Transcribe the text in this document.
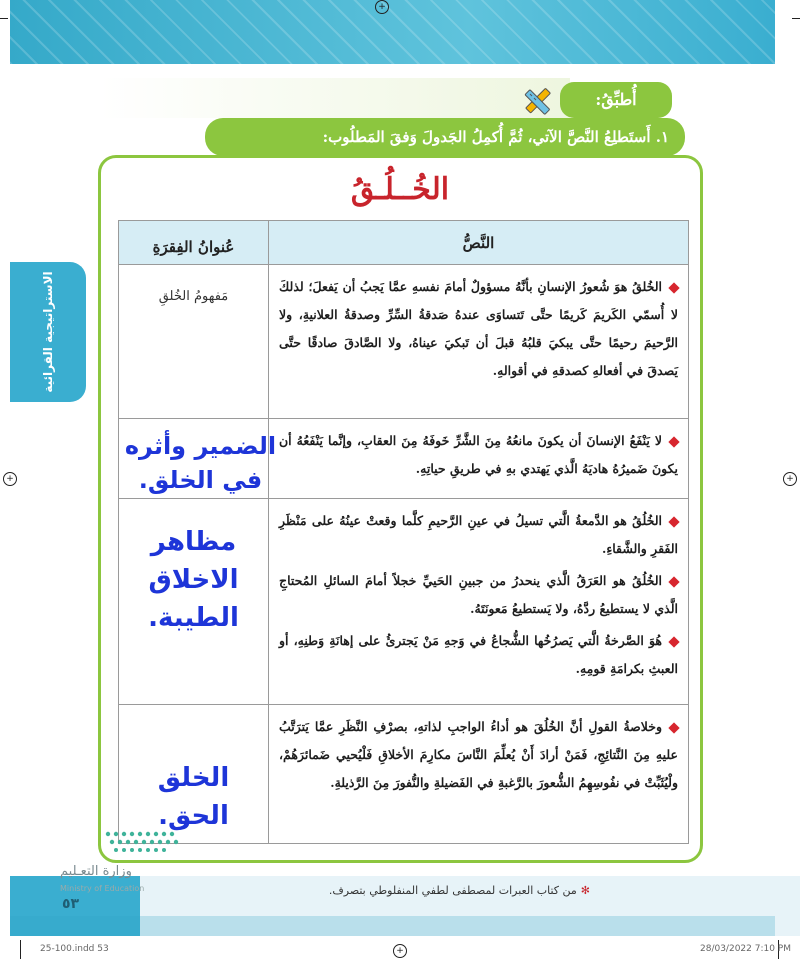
+
+	+
+
أُطبِّقُ:
١. أَستَطلِعُ النَّصَّ الآتي، ثُمَّ أُكمِلُ الجَدولَ وَفقَ المَطلُوب:
الاستراتيجية القرائية
الخُــلُـقُ
النَّصُّ	عُنوانُ الفِقرَةِ

الخُلقُ هوَ شُعورُ الإنسانِ بأنَّهُ مسؤولٌ أمامَ نفسهِ عمَّا يَجبُ أن يَفعلَ؛ لذلكَ لا أُسمّي الكَريمَ كَريمًا حتَّى تَتساوَى عندهُ صَدقةُ السِّرِّ وصدقةُ العلانيةِ، ولا الرَّحيمَ رحيمًا حتَّى يبكيَ قلبُهُ قبلَ أن تَبكيَ عيناهُ، ولا الصَّادقَ صادقًا حتَّى يَصدقَ في أفعالهِ كصدقهِ في أقوالهِ.	مَفهومُ الخُلقِ

لا يَنْفَعُ الإنسانَ أن يكونَ مانعُهُ مِنَ الشَّرِّ خَوفَهُ مِنَ العقابِ، وإنَّما يَنْفَعُهُ أن يكونَ ضَميرُهُ هاديَهُ الَّذي يَهتدي بهِ في طريقِ حياتِهِ.	الضمير وأثره في الخلق.

الخُلُقُ هو الدَّمعةُ الَّتي تسيلُ في عينِ الرَّحيمِ كلَّما وقعتْ عينُهُ على مَنْظَرِ الفَقرِ والشَّقاءِ.

الخُلُقُ هو العَرَقُ الَّذي ينحدرُ من جبينِ الحَييِّ خجلاً أمامَ السائلِ المُحتاجِ الَّذي لا يستطيعُ ردَّهُ، ولا يَستطيعُ مَعونَتَهُ.

هُوَ الصَّرخةُ الَّتي يَصرُخُها الشُّجاعُ في وَجهِ مَنْ يَجترئُ على إهانَةِ وَطنِهِ، أو العبثِ بكرامَةِ قومِهِ.	مظاهر الاخلاق الطيبة.

وخلاصةُ القولِ أنَّ الخُلُقَ هو أداءُ الواجبِ لذاتهِ، بصرْفِ النَّظَرِ عمَّا يَترَتَّبُ عليهِ مِنَ النَّتائِجِ، فَمَنْ أرادَ أَنْ يُعلِّمَ النَّاسَ مكارِمَ الأخلاقِ فَلْيُحيي ضَمائرَهُمْ، ولْيُثَبِّتْ في نفُوسِهِمُ الشُّعورَ بالرَّغبةِ في الفَضيلةِ والنُّفورَ مِنَ الرَّذيلةِ.	الخلق الحق.
وزارة التعـليم
Ministry of Education
٥٣
✻من كتاب العبرات لمصطفى لطفي المنفلوطي بتصرف.
25-100.indd 53	28/03/2022 7:10 PM
